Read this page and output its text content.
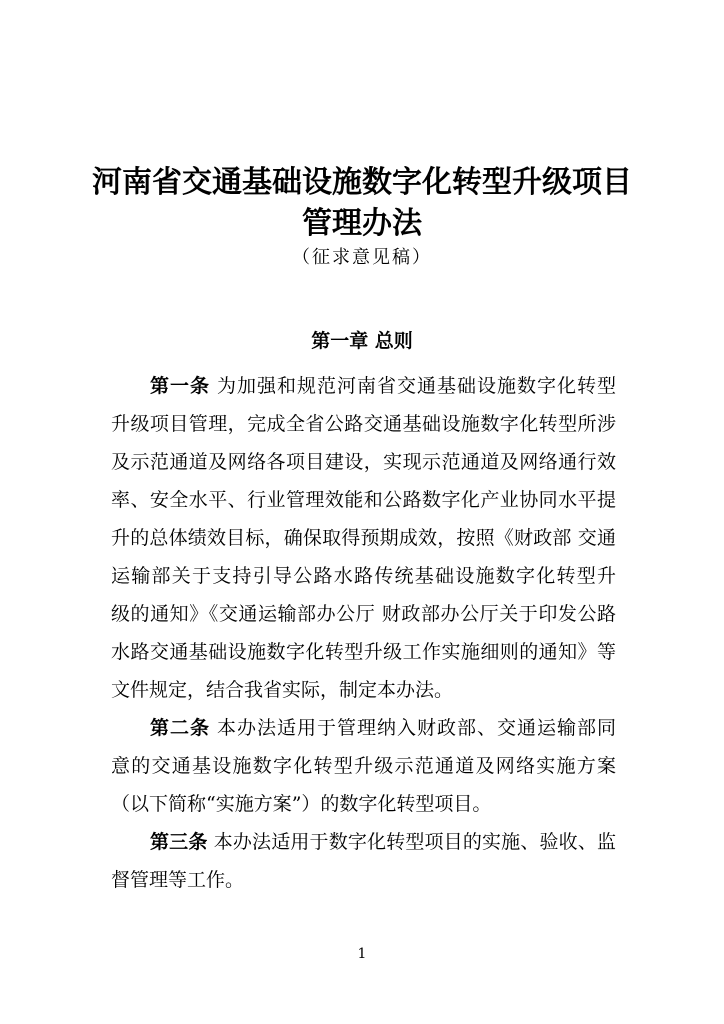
河南省交通基础设施数字化转型升级项目
管理办法
（征求意见稿）
第一章 总则
第一条 为加强和规范河南省交通基础设施数字化转型
升级项目管理，完成全省公路交通基础设施数字化转型所涉
及示范通道及网络各项目建设，实现示范通道及网络通行效
率、安全水平、行业管理效能和公路数字化产业协同水平提
升的总体绩效目标，确保取得预期成效，按照《财政部 交通
运输部关于支持引导公路水路传统基础设施数字化转型升
级的通知》《交通运输部办公厅 财政部办公厅关于印发公路
水路交通基础设施数字化转型升级工作实施细则的通知》等
文件规定，结合我省实际，制定本办法。
第二条 本办法适用于管理纳入财政部、交通运输部同
意的交通基设施数字化转型升级示范通道及网络实施方案
（以下简称“实施方案”）的数字化转型项目。
第三条 本办法适用于数字化转型项目的实施、验收、监
督管理等工作。
1
